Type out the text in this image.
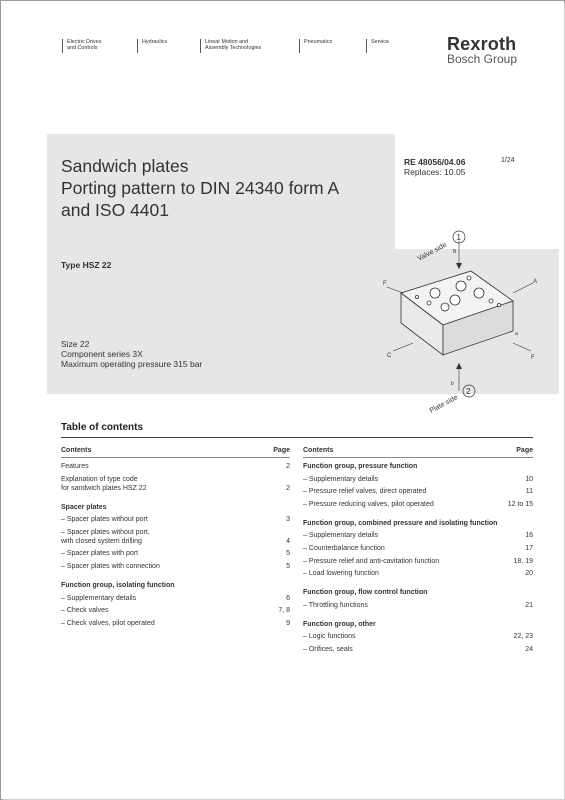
Electric Drives
and Controls
Hydraulics	Linear Motion and
Assembly Technologies
Pneumatics	Service	Rexroth
Bosch Group
Sandwich plates
Porting pattern to DIN 24340 form A
and ISO 4401
RE 48056/04.06
Replaces: 10.05
1/24
Type HSZ 22
Size 22
Component series 3X
Maximum operating pressure 315 bar
Valve side
1
B
Plate side
2
b
F	A
C	F
a
Table of contents
Contents	Page
Features	2
Explanation of type code
for sandwich plates HSZ 22	2
Spacer plates
– Spacer plates without port	3
– Spacer plates without port,
with closed system drilling	4
– Spacer plates with port	5
– Spacer plates with connection	5
Function group, isolating function
– Supplementary details	6
– Check valves	7, 8
– Check valves, pilot operated	9
Contents	Page
Function group, pressure function
– Supplementary details	10
– Pressure relief valves, direct operated	11
– Pressure reducing valves, pilot operated	12 to 15
Function group, combined pressure and isolating function
– Supplementary details	16
– Counterbalance function	17
– Pressure relief and anti-cavitation function	18, 19
– Load lowering function	20
Function group, flow control function
– Throttling functions	21
Function group, other
– Logic functions	22, 23
– Orifices, seals	24
